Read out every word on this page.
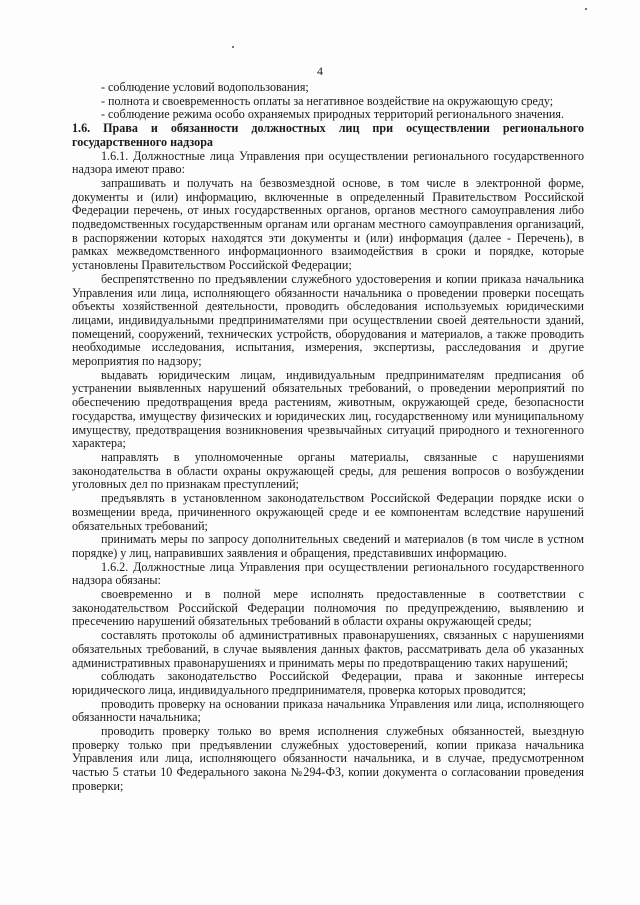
4

- соблюдение условий водопользования;

- полнота и своевременность оплаты за негативное воздействие на окружающую среду;

- соблюдение режима особо охраняемых природных территорий регионального значения.

1.6. Права и обязанности должностных лиц при осуществлении регионального государственного надзора

1.6.1. Должностные лица Управления при осуществлении регионального государственного надзора имеют право:

запрашивать и получать на безвозмездной основе, в том числе в электронной форме, документы и (или) информацию, включенные в определенный Правительством Российской Федерации перечень, от иных государственных органов, органов местного самоуправления либо подведомственных государственным органам или органам местного самоуправления организаций, в распоряжении которых находятся эти документы и (или) информация (далее - Перечень), в рамках межведомственного информационного взаимодействия в сроки и порядке, которые установлены Правительством Российской Федерации;

беспрепятственно по предъявлении служебного удостоверения и копии приказа начальника Управления или лица, исполняющего обязанности начальника о проведении проверки посещать объекты хозяйственной деятельности, проводить обследования используемых юридическими лицами, индивидуальными предпринимателями при осуществлении своей деятельности зданий, помещений, сооружений, технических устройств, оборудования и материалов, а также проводить необходимые исследования, испытания, измерения, экспертизы, расследования и другие мероприятия по надзору;

выдавать юридическим лицам, индивидуальным предпринимателям предписания об устранении выявленных нарушений обязательных требований, о проведении мероприятий по обеспечению предотвращения вреда растениям, животным, окружающей среде, безопасности государства, имуществу физических и юридических лиц, государственному или муниципальному имуществу, предотвращения возникновения чрезвычайных ситуаций природного и техногенного характера;

направлять в уполномоченные органы материалы, связанные с нарушениями законодательства в области охраны окружающей среды, для решения вопросов о возбуждении уголовных дел по признакам преступлений;

предъявлять в установленном законодательством Российской Федерации порядке иски о возмещении вреда, причиненного окружающей среде и ее компонентам вследствие нарушений обязательных требований;

принимать меры по запросу дополнительных сведений и материалов (в том числе в устном порядке) у лиц, направивших заявления и обращения, представивших информацию.

1.6.2. Должностные лица Управления при осуществлении регионального государственного надзора обязаны:

своевременно и в полной мере исполнять предоставленные в соответствии с законодательством Российской Федерации полномочия по предупреждению, выявлению и пресечению нарушений обязательных требований в области охраны окружающей среды;

составлять протоколы об административных правонарушениях, связанных с нарушениями обязательных требований, в случае выявления данных фактов, рассматривать дела об указанных административных правонарушениях и принимать меры по предотвращению таких нарушений;

соблюдать законодательство Российской Федерации, права и законные интересы юридического лица, индивидуального предпринимателя, проверка которых проводится;

проводить проверку на основании приказа начальника Управления или лица, исполняющего обязанности начальника;

проводить проверку только во время исполнения служебных обязанностей, выездную проверку только при предъявлении служебных удостоверений, копии приказа начальника Управления или лица, исполняющего обязанности начальника, и в случае, предусмотренном частью 5 статьи 10 Федерального закона №294-ФЗ, копии документа о согласовании проведения проверки;
